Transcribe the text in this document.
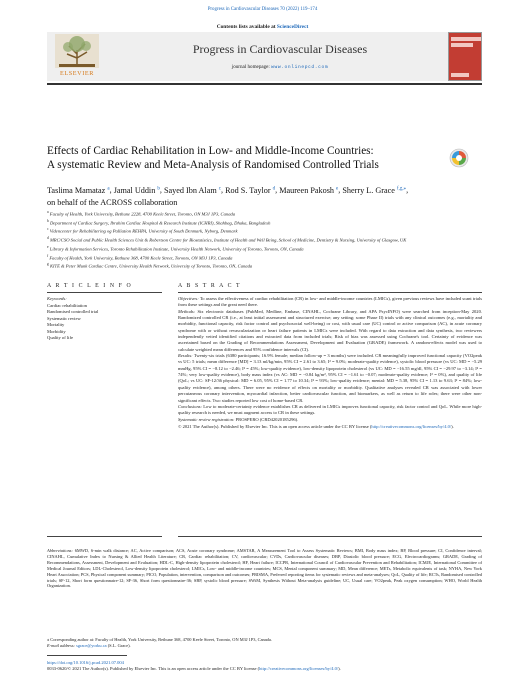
Progress in Cardiovascular Diseases 70 (2022) 119–174
Contents lists available at ScienceDirect
ELSEVIER
Progress in Cardiovascular Diseases
journal homepage: www.onlinepcd.com
Effects of Cardiac Rehabilitation in Low- and Middle-Income Countries:
A systematic Review and Meta-Analysis of Randomised Controlled Trials
Taslima Mamataz $^a$, Jamal Uddin $^b$, Sayed Ibn Alam $^c$, Rod S. Taylor $^d$, Maureen Pakosh $^e$, Sherry L. Grace $^{f,g,⁎}$,
on behalf of the ACROSS collaboration
$^a$ Faculty of Health, York University, Bethune 2228, 4700 Keele Street, Toronto, ON M3J 1P3, Canada
$^b$ Department of Cardiac Surgery, Ibrahim Cardiac Hospital & Research Institute (ICHRI), Shahbag, Dhaka, Bangladesh
$^c$ Videncenter for Rehabilitering og Palliation REHPA, University of South Denmark, Nyborg, Denmark
$^d$ MRC/CSO Social and Public Health Sciences Unit & Robertson Centre for Biostatistics, Institute of Health and Well Being, School of Medicine, Dentistry & Nursing, University of Glasgow, UK
$^e$ Library & Information Services, Toronto Rehabilitation Institute, University Health Network, University of Toronto, Toronto, ON, Canada
$^f$ Faculty of Health, York University, Bethune 368, 4700 Keele Street, Toronto, ON M3J 1P3, Canada
$^g$ KITE & Peter Munk Cardiac Centre, University Health Network, University of Toronto, Toronto, ON, Canada
A R T I C L E I N F O
Keywords:
Cardiac rehabilitation
Randomised controlled trial
Systematic review
Mortality
Morbidity
Quality of life
A B S T R A C T
Objectives: To assess the effectiveness of cardiac rehabilitation (CR) in low- and middle-income countries (LMICs), given previous reviews have included scant trials from these settings and the great need there.
Methods: Six electronic databases (PubMed, Medline, Embase, CINAHL, Cochrane Library, and APA PsycINFO) were searched from inception-May 2020. Randomized controlled CR (i.e., at least initial assessment and structured exercise; any setting; some Phase II) trials with any clinical outcomes (e.g., mortality and morbidity, functional capacity, risk factor control and psychosocial well-being) or cost, with usual care (UC) control or active comparison (AC), in acute coronary syndrome with or without revascularization or heart failure patients in LMICs were included. With regard to data extraction and data synthesis, two reviewers independently vetted identified citations and extracted data from included trials; Risk of bias was assessed using Cochrane's tool. Certainty of evidence was ascertained based on the Grading of Recommendations Assessment, Development and Evaluation (GRADE) framework. A random-effects model was used to calculate weighted mean differences and 95% confidence intervals (CI).
Results: Twenty-six trials (6380 participants; 16.9% female; median follow-up = 3 months) were included. CR meaningfully improved functional capacity (VO2peak vs UC: 5 trials; mean difference [MD] = 3.13 ml/kg/min, 95% CI = 2.61 to 3.65; I² = 9.0%; moderate-quality evidence), systolic blood pressure (vs UC: MD = −5.29 mmHg, 95% CI = −8.12 to −2.46; I² = 45%; low-quality evidence), low-density lipoprotein cholesterol (vs UC: MD = −16.55 mg/dl, 95% CI = −29.97 to −3.14; I² = 74%; very low-quality evidence), body mass index (vs AC: MD = −0.84 kg/m², 95% CI = −1.61 to −0.07; moderate-quality evidence; I² = 0%), and quality of life (QoL; vs UC: SF-12/36 physical: MD = 6.05, 95% CI = 1.77 to 10.34; I² = 93%; low-quality evidence; mental: MD = 5.38, 95% CI = 1.13 to 9.63; I² = 84%; low-quality evidence), among others. There were no evidence of effects on mortality or morbidity. Qualitative analyses revealed CR was associated with lower percutaneous coronary intervention, myocardial infarction, better cardiovascular function, and biomarkers, as well as return to life roles; there were other non-significant effects. Two studies reported low cost of home-based CR.
Conclusions: Low to moderate-certainty evidence establishes CR as delivered in LMICs improves functional capacity, risk factor control and QoL. While more high-quality research is needed, we must augment access to CR in these settings.
Systematic review registration: PROSPERO (CRD42020185296).
© 2021 The Author(s). Published by Elsevier Inc. This is an open access article under the CC BY license (http://creativecommons.org/licenses/by/4.0/).
Abbreviations: 6MWD, 6-min walk distance; AC, Active comparison; ACS, Acute coronary syndrome; AMSTAR, A Measurement Tool to Assess Systematic Reviews; BMI, Body mass index; BP, Blood pressure; CI, Confidence interval; CINAHL, Cumulative Index to Nursing & Allied Health Literature; CR, Cardiac rehabilitation; CV, cardiovascular; CVDs, Cardiovascular diseases; DBP, Diastolic blood pressure; ECG, Electrocardiograms; GRADE, Grading of Recommendations, Assessment, Development and Evaluation; HDL-C, High-density lipoprotein cholesterol; HF, Heart failure; ICCPR, International Council of Cardiovascular Prevention and Rehabilitation; ICMJE, International Committee of Medical Journal Editors; LDL-Cholesterol, Low-density lipoprotein cholesterol; LMICs, Low- and middle-income countries; MCS, Mental component summary; MD, Mean difference; METs, Metabolic equivalents of task; NYHA, New York Heart Association; PCS, Physical component summary; PICO, Population, intervention, comparison and outcomes; PRISMA, Preferred reporting items for systematic reviews and meta-analyses; QoL, Quality of life; RCTs, Randomised controlled trials; SF-12, Short form questionnaire-12; SF-36, Short form questionnaire-36; SBP, systolic blood pressure; SWiM, Synthesis Without Meta-analysis guideline; UC, Usual care; VO2peak, Peak oxygen consumption; WHO, World Health Organization.
⁎ Corresponding author at: Faculty of Health, York University, Bethune 368, 4700 Keele Street, Toronto, ON M3J 1P3, Canada.
E-mail address: sgrace@yorku.ca (S.L. Grace).
https://doi.org/10.1016/j.pcad.2021.07.004
0033-0620/© 2021 The Author(s). Published by Elsevier Inc. This is an open access article under the CC BY license (http://creativecommons.org/licenses/by/4.0/).
